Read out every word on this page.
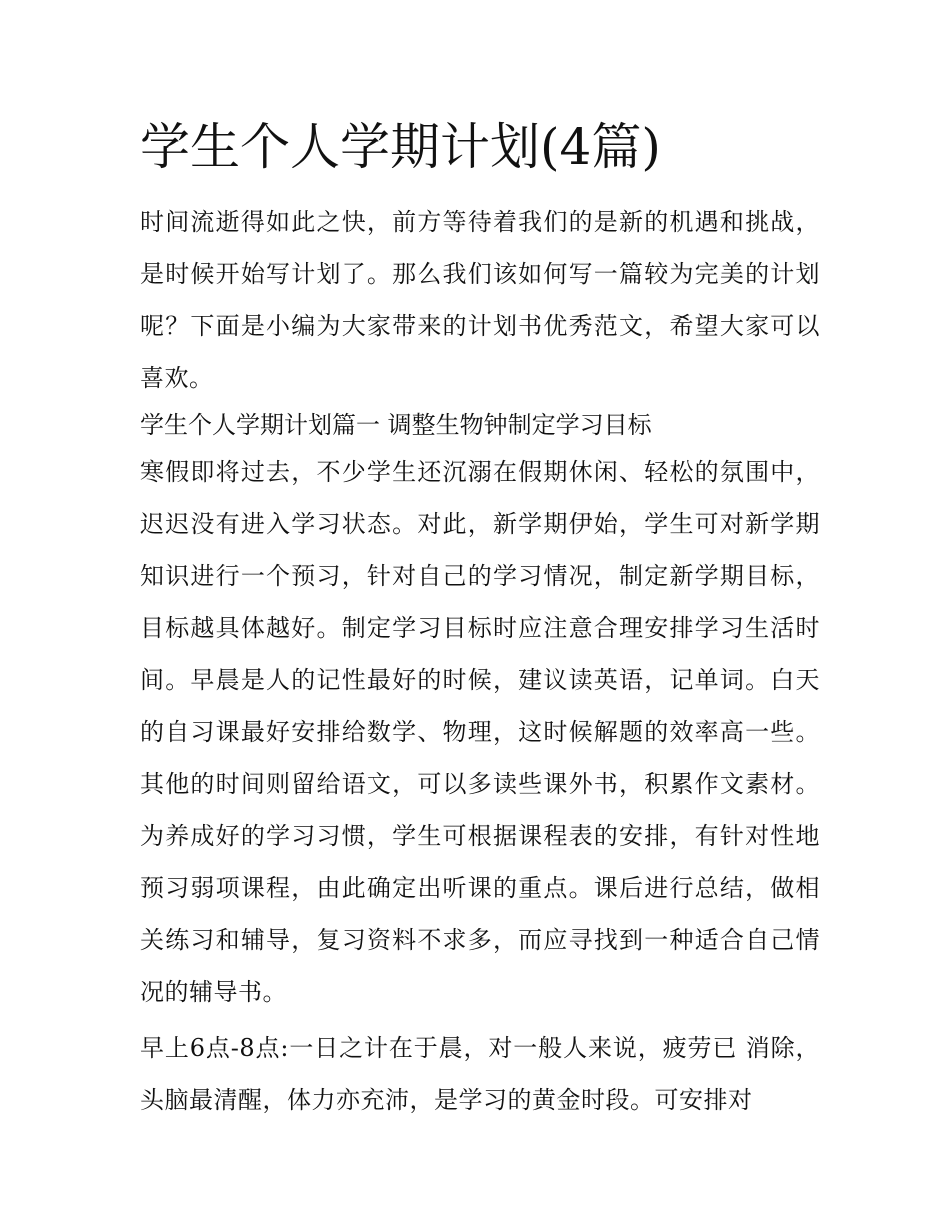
学生个人学期计划(4篇)

时间流逝得如此之快，前方等待着我们的是新的机遇和挑战，是时候开始写计划了。那么我们该如何写一篇较为完美的计划呢？下面是小编为大家带来的计划书优秀范文，希望大家可以喜欢。

学生个人学期计划篇一 调整生物钟制定学习目标

寒假即将过去，不少学生还沉溺在假期休闲、轻松的氛围中，迟迟没有进入学习状态。对此，新学期伊始，学生可对新学期知识进行一个预习，针对自己的学习情况，制定新学期目标，目标越具体越好。制定学习目标时应注意合理安排学习生活时间。早晨是人的记性最好的时候，建议读英语，记单词。白天的自习课最好安排给数学、物理，这时候解题的效率高一些。其他的时间则留给语文，可以多读些课外书，积累作文素材。为养成好的学习习惯，学生可根据课程表的安排，有针对性地预习弱项课程，由此确定出听课的重点。课后进行总结，做相关练习和辅导，复习资料不求多，而应寻找到一种适合自己情况的辅导书。

早上6点-8点:一日之计在于晨，对一般人来说，疲劳已 消除，头脑最清醒，体力亦充沛，是学习的黄金时段。可安排对
